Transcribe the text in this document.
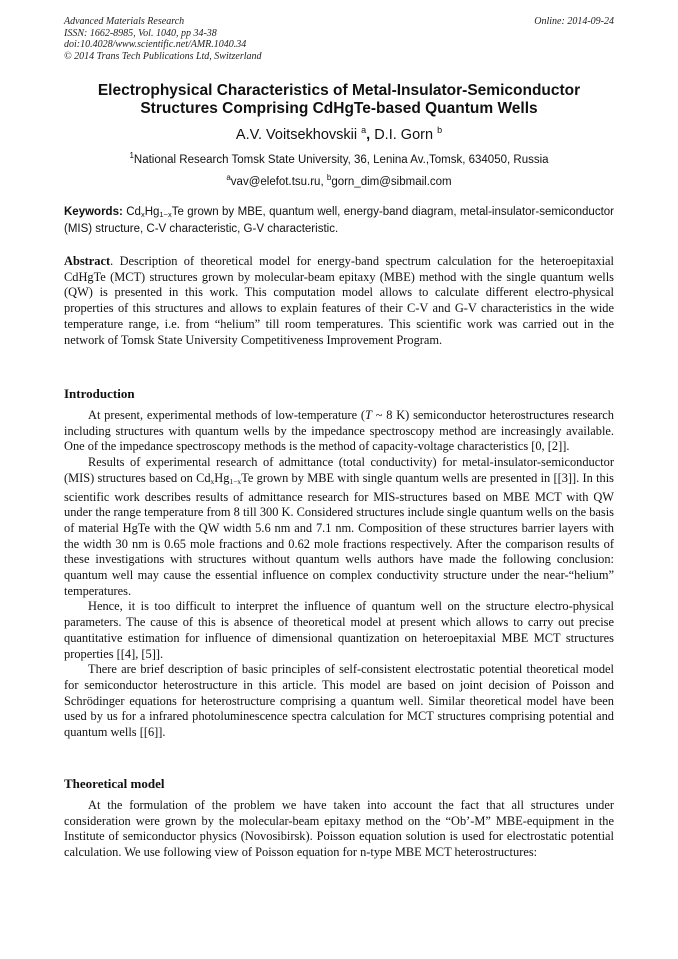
Advanced Materials Research
ISSN: 1662-8985, Vol. 1040, pp 34-38
doi:10.4028/www.scientific.net/AMR.1040.34
© 2014 Trans Tech Publications Ltd, Switzerland
Online: 2014-09-24
Electrophysical Characteristics of Metal-Insulator-Semiconductor
Structures Comprising CdHgTe-based Quantum Wells
A.V. Voitsekhovskii $^a$, D.I. Gorn $^b$
$^1$National Research Tomsk State University, 36, Lenina Av.,Tomsk, 634050, Russia
$^a$vav@elefot.tsu.ru, $^b$gorn_dim@sibmail.com
Keywords: $Cd_xHg_{1-x}Te$ grown by MBE, quantum well, energy-band diagram, metal-insulator-semiconductor (MIS) structure, C-V characteristic, G-V characteristic.
Abstract. Description of theoretical model for energy-band spectrum calculation for the heteroepitaxial CdHgTe (MCT) structures grown by molecular-beam epitaxy (MBE) method with the single quantum wells (QW) is presented in this work. This computation model allows to calculate different electro-physical properties of this structures and allows to explain features of their C-V and G-V characteristics in the wide temperature range, i.e. from “helium” till room temperatures. This scientific work was carried out in the network of Tomsk State University Competitiveness Improvement Program.
Introduction

At present, experimental methods of low-temperature (T ~ 8 K) semiconductor heterostructures research including structures with quantum wells by the impedance spectroscopy method are increasingly available. One of the impedance spectroscopy methods is the method of capacity-voltage characteristics [0, [2]].

Results of experimental research of admittance (total conductivity) for metal-insulator-semiconductor (MIS) structures based on $Cd_xHg_{1-x}Te$ grown by MBE with single quantum wells are presented in [[3]]. In this scientific work describes results of admittance research for MIS-structures based on MBE MCT with QW under the range temperature from 8 till 300 K. Considered structures include single quantum wells on the basis of material HgTe with the QW width 5.6 nm and 7.1 nm. Composition of these structures barrier layers with the width 30 nm is 0.65 mole fractions and 0.62 mole fractions respectively. After the comparison results of these investigations with structures without quantum wells authors have made the following conclusion: quantum well may cause the essential influence on complex conductivity structure under the near-“helium” temperatures.

Hence, it is too difficult to interpret the influence of quantum well on the structure electro-physical parameters. The cause of this is absence of theoretical model at present which allows to carry out precise quantitative estimation for influence of dimensional quantization on heteroepitaxial MBE MCT structures properties [[4], [5]].

There are brief description of basic principles of self-consistent electrostatic potential theoretical model for semiconductor heterostructure in this article. This model are based on joint decision of Poisson and Schrödinger equations for heterostructure comprising a quantum well. Similar theoretical model have been used by us for a infrared photoluminescence spectra calculation for MCT structures comprising potential and quantum wells [[6]].

Theoretical model

At the formulation of the problem we have taken into account the fact that all structures under consideration were grown by the molecular-beam epitaxy method on the “Ob’-M” MBE-equipment in the Institute of semiconductor physics (Novosibirsk). Poisson equation solution is used for electrostatic potential calculation. We use following view of Poisson equation for n-type MBE MCT heterostructures:
